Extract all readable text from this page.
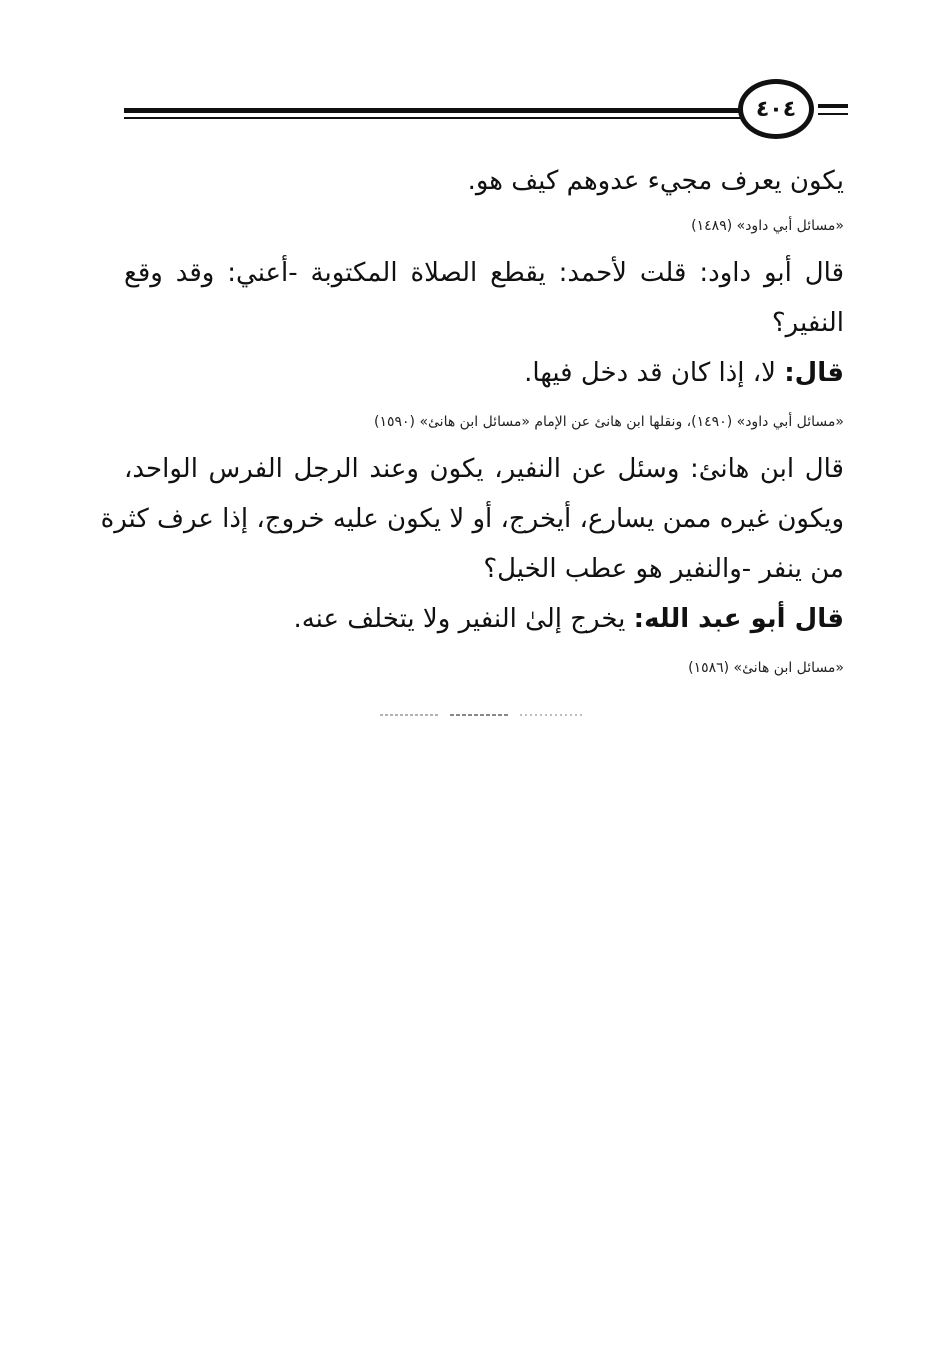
٤٠٤
يكون يعرف مجيء عدوهم كيف هو.
«مسائل أبي داود» (١٤٨٩)
قال أبو داود: قلت لأحمد: يقطع الصلاة المكتوبة -أعني: وقد وقع
النفير؟
قال: لا، إذا كان قد دخل فيها.
«مسائل أبي داود» (١٤٩٠)، ونقلها ابن هانئ عن الإمام «مسائل ابن هانئ» (١٥٩٠)
قال ابن هانئ: وسئل عن النفير، يكون وعند الرجل الفرس الواحد،
ويكون غيره ممن يسارع، أيخرج، أو لا يكون عليه خروج، إذا عرف كثرة
من ينفر -والنفير هو عطب الخيل؟
قال أبو عبد الله: يخرج إلىٰ النفير ولا يتخلف عنه.
«مسائل ابن هانئ» (١٥٨٦)
